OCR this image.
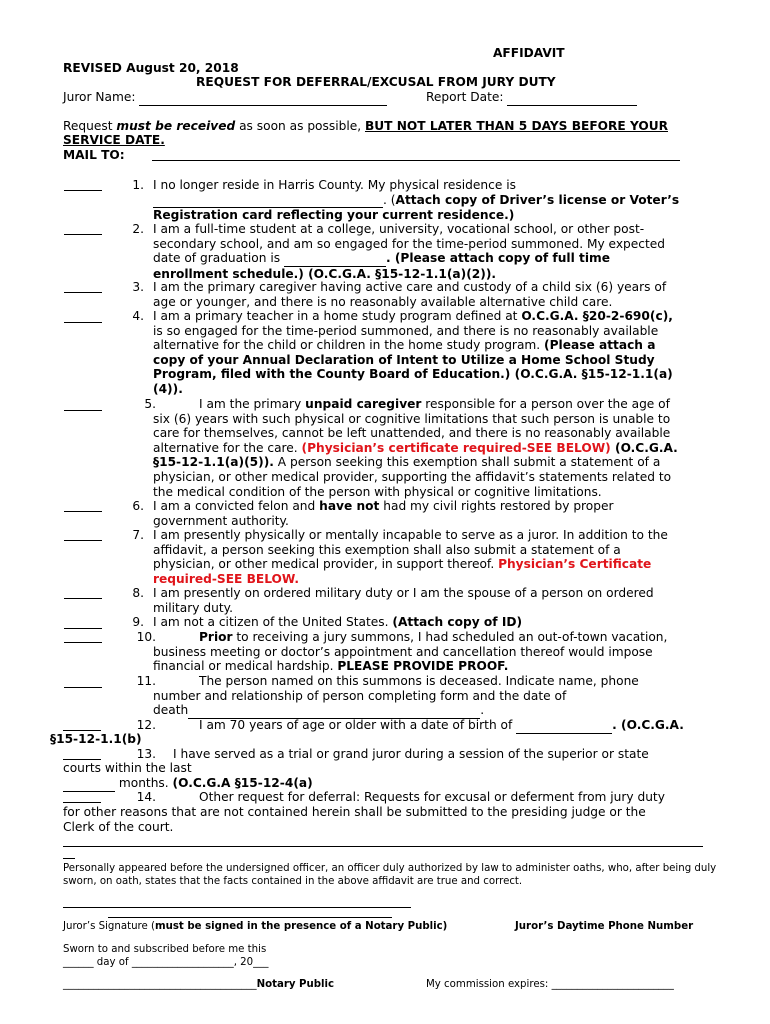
AFFIDAVIT
REVISED August 20, 2018
REQUEST FOR DEFERRAL/EXCUSAL FROM JURY DUTY
Juror Name:	Report Date:
Request must be received as soon as possible, BUT NOT LATER THAN 5 DAYS BEFORE YOUR
SERVICE DATE.
MAIL TO:
1. I no longer reside in Harris County. My physical residence is
. (Attach copy of Driver’s license or Voter’s
Registration card reflecting your current residence.)
2. I am a full-time student at a college, university, vocational school, or other post-
secondary school, and am so engaged for the time-period summoned. My expected
date of graduation is	. (Please attach copy of full time
enrollment schedule.) (O.C.G.A. §15-12-1.1(a)(2)).
3. I am the primary caregiver having active care and custody of a child six (6) years of
age or younger, and there is no reasonably available alternative child care.
4. I am a primary teacher in a home study program defined at O.C.G.A. §20-2-690(c),
is so engaged for the time-period summoned, and there is no reasonably available
alternative for the child or children in the home study program. (Please attach a
copy of your Annual Declaration of Intent to Utilize a Home School Study
Program, filed with the County Board of Education.) (O.C.G.A. §15-12-1.1(a)
(4)).
5.	I am the primary unpaid caregiver responsible for a person over the age of
six (6) years with such physical or cognitive limitations that such person is unable to
care for themselves, cannot be left unattended, and there is no reasonably available
alternative for the care. (Physician’s certificate required-SEE BELOW) (O.C.G.A.
§15-12-1.1(a)(5)). A person seeking this exemption shall submit a statement of a
physician, or other medical provider, supporting the affidavit’s statements related to
the medical condition of the person with physical or cognitive limitations.
6. I am a convicted felon and have not had my civil rights restored by proper
government authority.
7. I am presently physically or mentally incapable to serve as a juror. In addition to the
affidavit, a person seeking this exemption shall also submit a statement of a
physician, or other medical provider, in support thereof. Physician’s Certificate
required-SEE BELOW.
8. I am presently on ordered military duty or I am the spouse of a person on ordered
military duty.
9. I am not a citizen of the United States. (Attach copy of ID)
10.	Prior to receiving a jury summons, I had scheduled an out-of-town vacation,
business meeting or doctor’s appointment and cancellation thereof would impose
financial or medical hardship. PLEASE PROVIDE PROOF.
11.	The person named on this summons is deceased. Indicate name, phone
number and relationship of person completing form and the date of
death	.
12.	I am 70 years of age or older with a date of birth of	. (O.C.G.A.
§15-12-1.1(b)
13. I have served as a trial or grand juror during a session of the superior or state
courts within the last
months. (O.C.G.A §15-12-4(a)
14.	Other request for deferral: Requests for excusal or deferment from jury duty
for other reasons that are not contained herein shall be submitted to the presiding judge or the
Clerk of the court.
Personally appeared before the undersigned officer, an officer duly authorized by law to administer oaths, who, after being duly
sworn, on oath, states that the facts contained in the above affidavit are true and correct.
Juror’s Signature (must be signed in the presence of a Notary Public)	Juror’s Daytime Phone Number
Sworn to and subscribed before me this
______ day of ____________________, 20___
______________________________________Notary Public	My commission expires: ________________________
